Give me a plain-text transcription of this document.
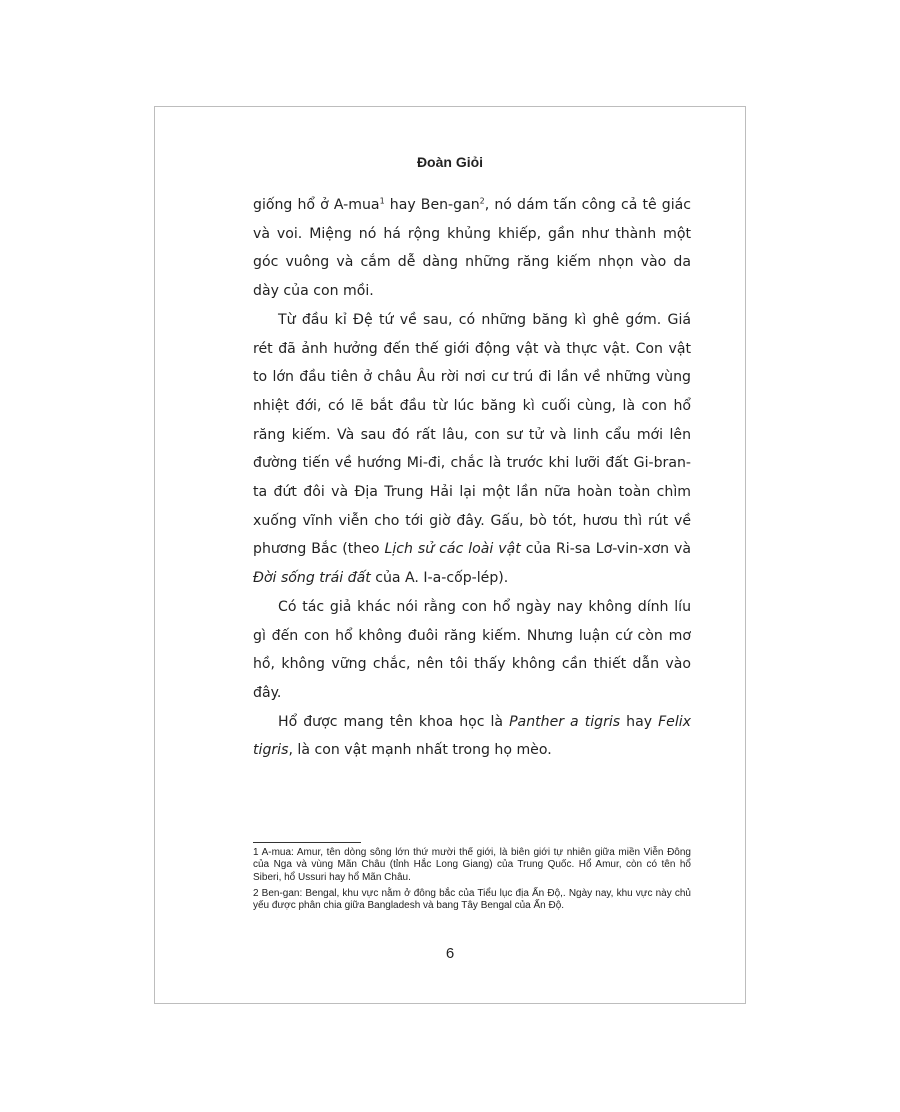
Đoàn Giỏi

giống hổ ở A-mua$^1$ hay Ben-gan$^2$, nó dám tấn công cả tê giác và voi. Miệng nó há rộng khủng khiếp, gần như thành một góc vuông và cắm dễ dàng những răng kiếm nhọn vào da dày của con mồi.

Từ đầu kỉ Đệ tứ về sau, có những băng kì ghê gớm. Giá rét đã ảnh hưởng đến thế giới động vật và thực vật. Con vật to lớn đầu tiên ở châu Âu rời nơi cư trú đi lần về những vùng nhiệt đới, có lẽ bắt đầu từ lúc băng kì cuối cùng, là con hổ răng kiếm. Và sau đó rất lâu, con sư tử và linh cẩu mới lên đường tiến về hướng Mi-đi, chắc là trước khi lưỡi đất Gi-bran-ta đứt đôi và Địa Trung Hải lại một lần nữa hoàn toàn chìm xuống vĩnh viễn cho tới giờ đây. Gấu, bò tót, hươu thì rút về phương Bắc (theo Lịch sử các loài vật của Ri-sa Lơ-vin-xơn và Đời sống trái đất của A. I-a-cốp-lép).

Có tác giả khác nói rằng con hổ ngày nay không dính líu gì đến con hổ không đuôi răng kiếm. Nhưng luận cứ còn mơ hồ, không vững chắc, nên tôi thấy không cần thiết dẫn vào đây.

Hổ được mang tên khoa học là Panther a tigris hay Felix tigris, là con vật mạnh nhất trong họ mèo.

1 A-mua: Amur, tên dòng sông lớn thứ mười thế giới, là biên giới tự nhiên giữa miền Viễn Đông của Nga và vùng Mãn Châu (tỉnh Hắc Long Giang) của Trung Quốc. Hổ Amur, còn có tên hổ Siberi, hổ Ussuri hay hổ Mãn Châu.

2 Ben-gan: Bengal, khu vực nằm ở đông bắc của Tiểu lục địa Ấn Độ,. Ngày nay, khu vực này chủ yếu được phân chia giữa Bangladesh và bang Tây Bengal của Ấn Độ.

6
